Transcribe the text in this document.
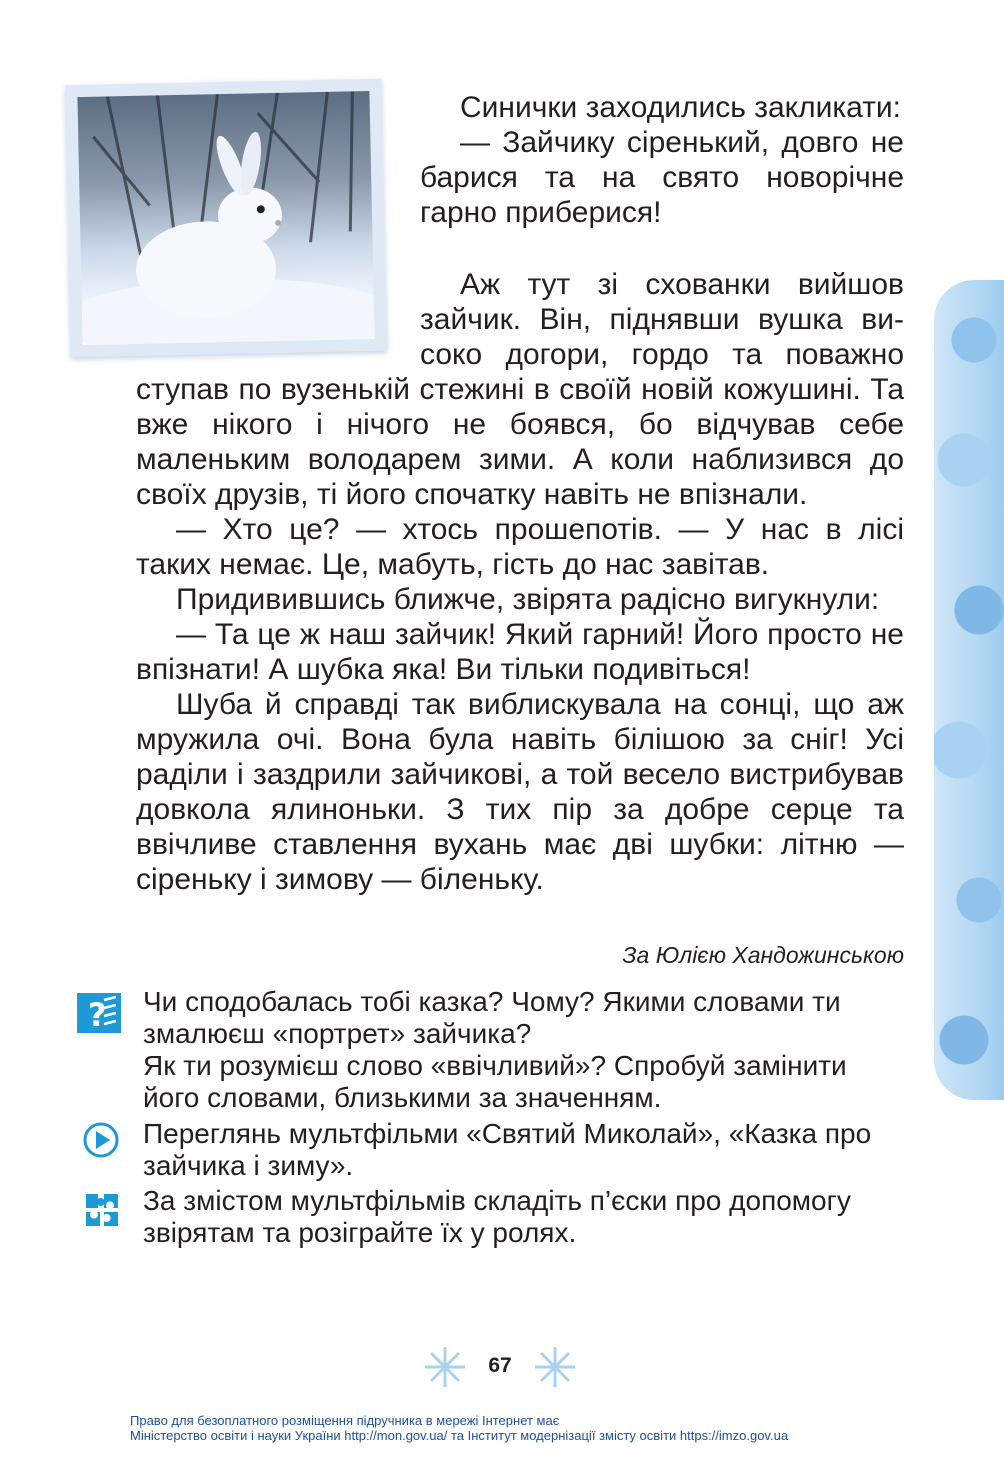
Синички заходились закликати:

— Зайчику сіренький, довго не барися та на свято новорічне гарно приберися!

Аж тут зі схованки вийшов зайчик. Він, піднявши вушка високо догори, гордо та поважно ступав по вузенькій стежині в своїй новій кожушині. Та вже нікого і нічого не боявся, бо відчував себе маленьким володарем зими. А коли наблизився до своїх друзів, ті його спочатку навіть не впізнали.

— Хто це? — хтось прошепотів. — У нас в лісі таких немає. Це, мабуть, гість до нас завітав.

Придивившись ближче, звірята радісно вигукнули:

— Та це ж наш зайчик! Який гарний! Його просто не впізнати! А шубка яка! Ви тільки подивіться!

Шуба й справді так виблискувала на сонці, що аж мружила очі. Вона була навіть білішою за сніг! Усі раділи і заздрили зайчикові, а той весело вистрибував довкола ялиноньки. З тих пір за добре серце та ввічливе ставлення вухань має дві шубки: літню — сіреньку і зимову — біленьку.

За Юлією Хандожинською
? Чи сподобалась тобі казка? Чому? Якими словами ти змалюєш «портрет» зайчика?

Як ти розумієш слово «ввічливий»? Спробуй замінити його словами, близькими за значенням.

Переглянь мультфільми «Святий Миколай», «Казка про зайчика і зиму».
За змістом мультфільмів складіть п’єски про допомогу звірятам та розіграйте їх у ролях.
67
Право для безоплатного розміщення підручника в мережі Інтернет має
Міністерство освіти і науки України http://mon.gov.ua/ та Інститут модернізації змісту освіти https://imzo.gov.ua
